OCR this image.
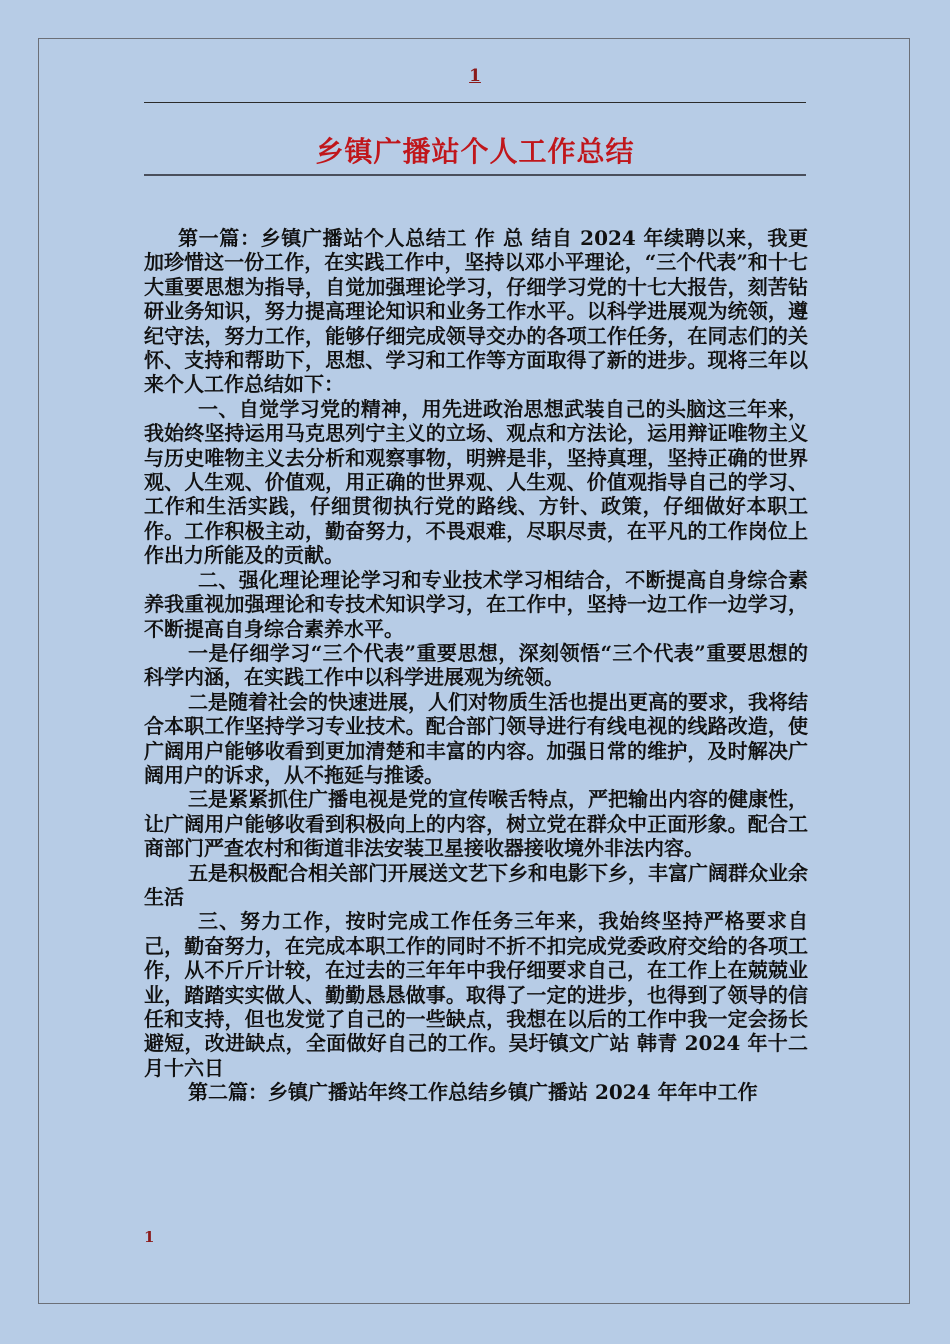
1
乡镇广播站个人工作总结

第一篇：乡镇广播站个人总结工 作 总 结自 2024 年续聘以来，我更加珍惜这一份工作，在实践工作中，坚持以邓小平理论，“三个代表”和十七大重要思想为指导，自觉加强理论学习，仔细学习党的十七大报告，刻苦钻研业务知识，努力提高理论知识和业务工作水平。以科学进展观为统领，遵纪守法，努力工作，能够仔细完成领导交办的各项工作任务，在同志们的关怀、支持和帮助下，思想、学习和工作等方面取得了新的进步。现将三年以来个人工作总结如下：

一、自觉学习党的精神，用先进政治思想武装自己的头脑这三年来，我始终坚持运用马克思列宁主义的立场、观点和方法论，运用辩证唯物主义与历史唯物主义去分析和观察事物，明辨是非，坚持真理，坚持正确的世界观、人生观、价值观，用正确的世界观、人生观、价值观指导自己的学习、工作和生活实践，仔细贯彻执行党的路线、方针、政策，仔细做好本职工作。工作积极主动，勤奋努力，不畏艰难，尽职尽责，在平凡的工作岗位上作出力所能及的贡献。

二、强化理论理论学习和专业技术学习相结合，不断提高自身综合素养我重视加强理论和专技术知识学习，在工作中，坚持一边工作一边学习，不断提高自身综合素养水平。

一是仔细学习“三个代表”重要思想，深刻领悟“三个代表”重要思想的科学内涵，在实践工作中以科学进展观为统领。

二是随着社会的快速进展，人们对物质生活也提出更高的要求，我将结合本职工作坚持学习专业技术。配合部门领导进行有线电视的线路改造，使广阔用户能够收看到更加清楚和丰富的内容。加强日常的维护，及时解决广阔用户的诉求，从不拖延与推诿。

三是紧紧抓住广播电视是党的宣传喉舌特点，严把输出内容的健康性，让广阔用户能够收看到积极向上的内容，树立党在群众中正面形象。配合工商部门严查农村和街道非法安装卫星接收器接收境外非法内容。

五是积极配合相关部门开展送文艺下乡和电影下乡，丰富广阔群众业余生活

三、努力工作，按时完成工作任务三年来，我始终坚持严格要求自己，勤奋努力，在完成本职工作的同时不折不扣完成党委政府交给的各项工作，从不斤斤计较，在过去的三年年中我仔细要求自己，在工作上在兢兢业业，踏踏实实做人、勤勤恳恳做事。取得了一定的进步，也得到了领导的信任和支持，但也发觉了自己的一些缺点，我想在以后的工作中我一定会扬长避短，改进缺点，全面做好自己的工作。吴圩镇文广站 韩青 2024 年十二月十六日

第二篇：乡镇广播站年终工作总结乡镇广播站 2024 年年中工作

1
